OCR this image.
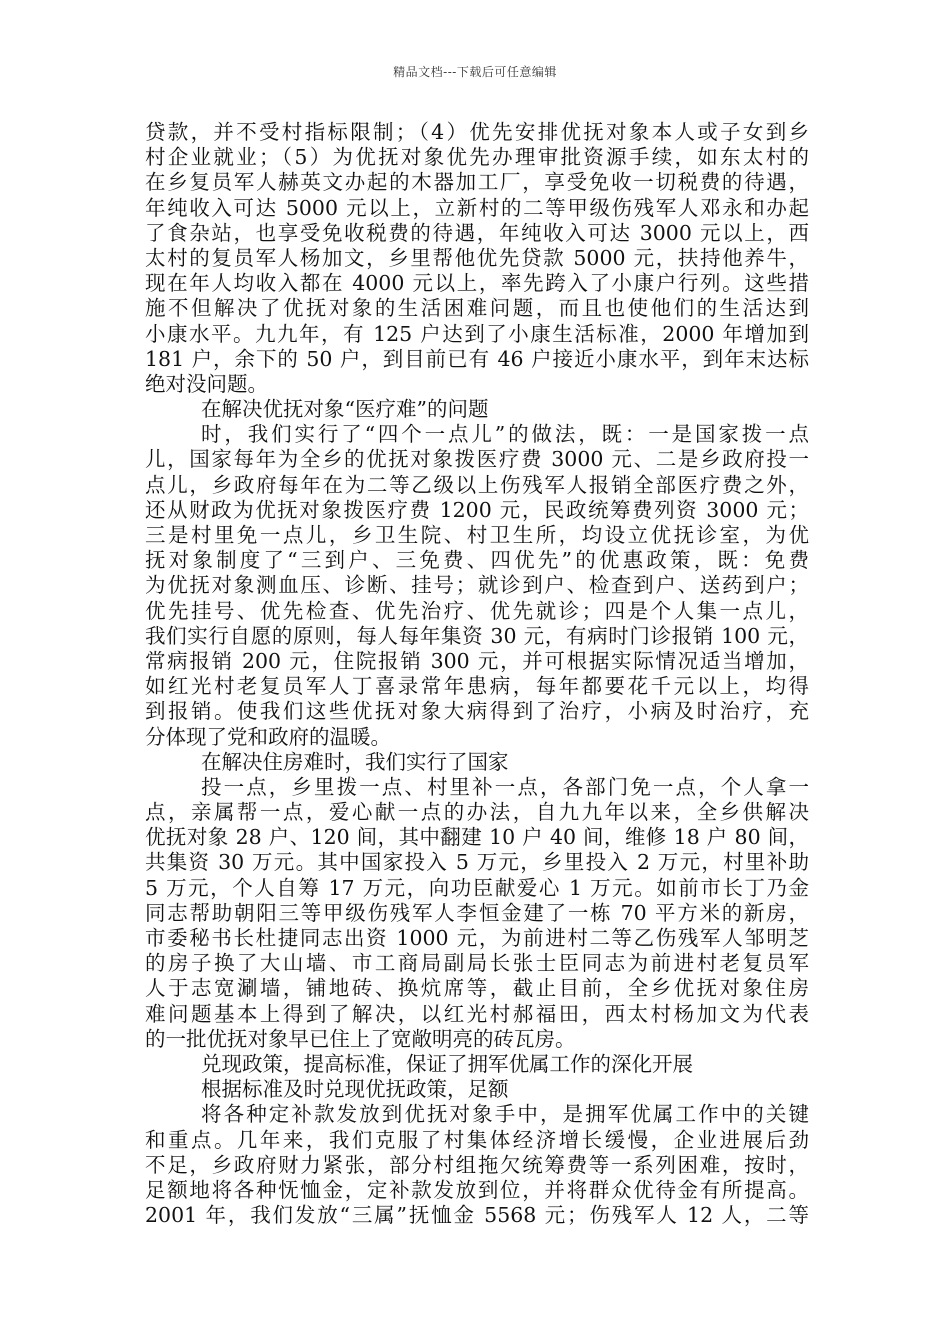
精品文档---下载后可任意编辑
贷款，并不受村指标限制；（4）优先安排优抚对象本人或子女到乡
村企业就业；（5）为优抚对象优先办理审批资源手续，如东太村的
在乡复员军人赫英文办起的木器加工厂，享受免收一切税费的待遇，
年纯收入可达 5000 元以上，立新村的二等甲级伤残军人邓永和办起
了食杂站，也享受免收税费的待遇，年纯收入可达 3000 元以上，西
太村的复员军人杨加文，乡里帮他优先贷款 5000 元，扶持他养牛，
现在年人均收入都在 4000 元以上，率先跨入了小康户行列。这些措
施不但解决了优抚对象的生活困难问题，而且也使他们的生活达到
小康水平。九九年，有 125 户达到了小康生活标准，2000 年增加到
181 户，余下的 50 户，到目前已有 46 户接近小康水平，到年末达标
绝对没问题。
在解决优抚对象“医疗难”的问题
时，我们实行了“四个一点儿”的做法，既：一是国家拨一点
儿，国家每年为全乡的优抚对象拨医疗费 3000 元、二是乡政府投一
点儿，乡政府每年在为二等乙级以上伤残军人报销全部医疗费之外，
还从财政为优抚对象拨医疗费 1200 元，民政统筹费列资 3000 元；
三是村里免一点儿，乡卫生院、村卫生所，均设立优抚诊室，为优
抚对象制度了“三到户、三免费、四优先”的优惠政策，既：免费
为优抚对象测血压、诊断、挂号；就诊到户、检查到户、送药到户；
优先挂号、优先检查、优先治疗、优先就诊；四是个人集一点儿，
我们实行自愿的原则，每人每年集资 30 元，有病时门诊报销 100 元，
常病报销 200 元，住院报销 300 元，并可根据实际情况适当增加，
如红光村老复员军人丁喜录常年患病，每年都要花千元以上，均得
到报销。使我们这些优抚对象大病得到了治疗，小病及时治疗，充
分体现了党和政府的温暖。
在解决住房难时，我们实行了国家
投一点，乡里拨一点、村里补一点，各部门免一点，个人拿一
点，亲属帮一点，爱心献一点的办法，自九九年以来，全乡供解决
优抚对象 28 户、120 间，其中翻建 10 户 40 间，维修 18 户 80 间，
共集资 30 万元。其中国家投入 5 万元，乡里投入 2 万元，村里补助
5 万元，个人自筹 17 万元，向功臣献爱心 1 万元。如前市长丁乃金
同志帮助朝阳三等甲级伤残军人李恒金建了一栋 70 平方米的新房，
市委秘书长杜捷同志出资 1000 元，为前进村二等乙伤残军人邹明芝
的房子换了大山墙、市工商局副局长张士臣同志为前进村老复员军
人于志宽涮墙，铺地砖、换炕席等，截止目前，全乡优抚对象住房
难问题基本上得到了解决，以红光村郝福田，西太村杨加文为代表
的一批优抚对象早已住上了宽敞明亮的砖瓦房。
兑现政策，提高标准，保证了拥军优属工作的深化开展
根据标准及时兑现优抚政策，足额
将各种定补款发放到优抚对象手中，是拥军优属工作中的关键
和重点。几年来，我们克服了村集体经济增长缓慢，企业进展后劲
不足，乡政府财力紧张，部分村组拖欠统筹费等一系列困难，按时，
足额地将各种怃恤金，定补款发放到位，并将群众优待金有所提高。
2001 年，我们发放“三属”抚恤金 5568 元；伤残军人 12 人，二等
